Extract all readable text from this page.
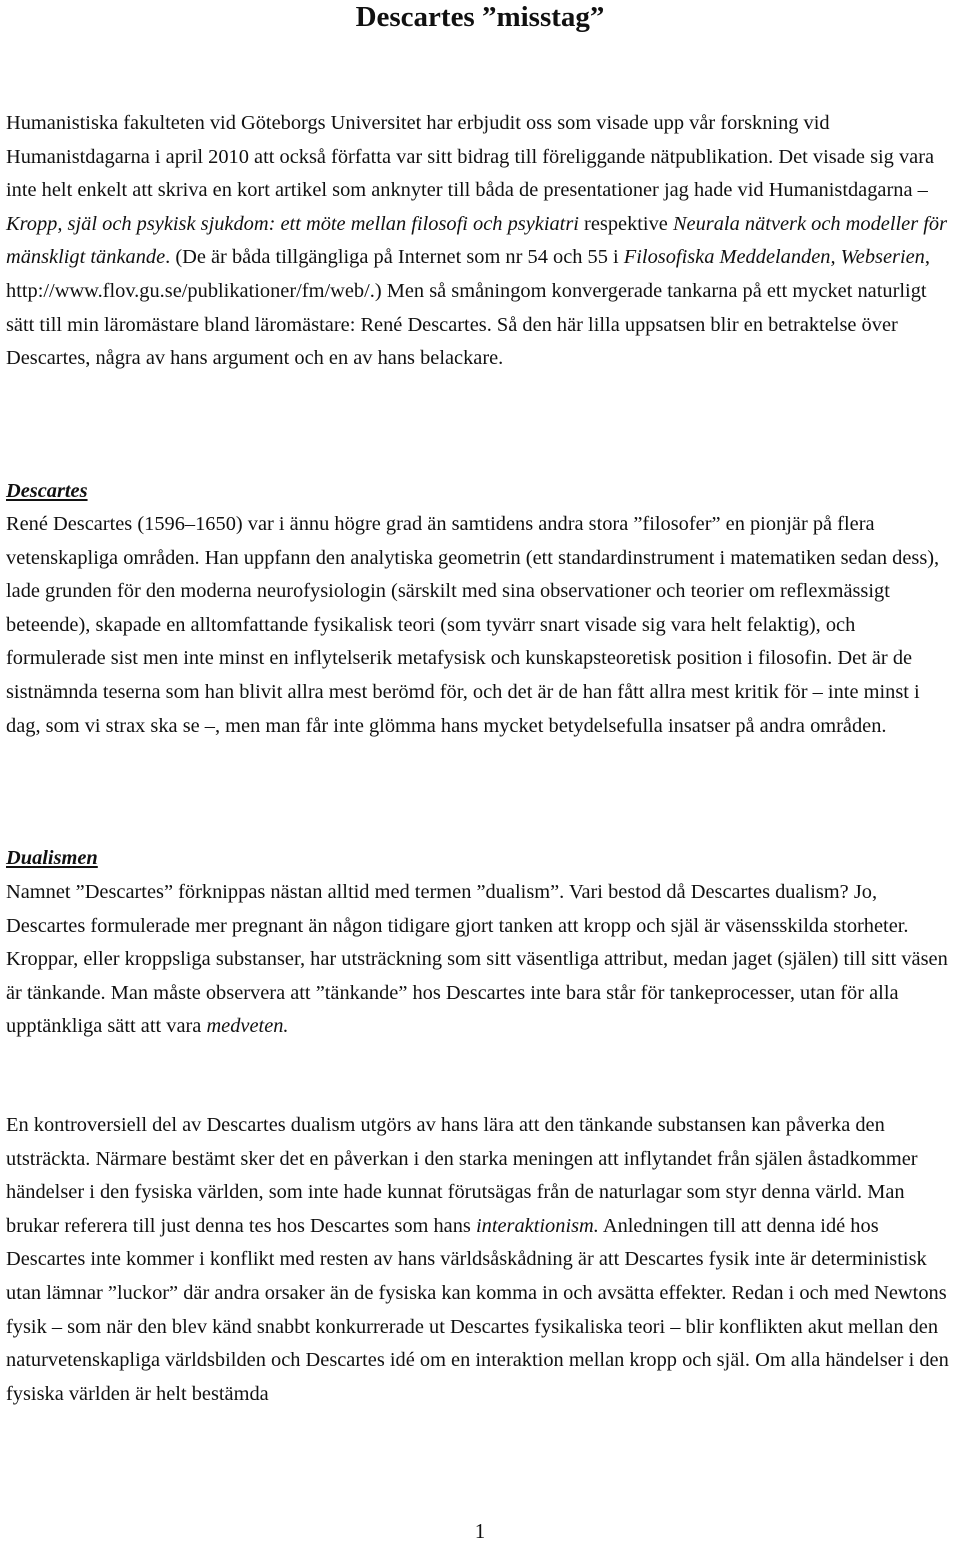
Descartes ”misstag”

Humanistiska fakulteten vid Göteborgs Universitet har erbjudit oss som visade upp vår forskning vid Humanistdagarna i april 2010 att också författa var sitt bidrag till föreliggande nätpublikation. Det visade sig vara inte helt enkelt att skriva en kort artikel som anknyter till båda de presentationer jag hade vid Humanistdagarna – Kropp, själ och psykisk sjukdom: ett möte mellan filosofi och psykiatri respektive Neurala nätverk och modeller för mänskligt tänkande. (De är båda tillgängliga på Internet som nr 54 och 55 i Filosofiska Meddelanden, Webserien, http://www.flov.gu.se/publikationer/fm/web/.) Men så småningom konvergerade tankarna på ett mycket naturligt sätt till min läromästare bland läromästare: René Descartes. Så den här lilla uppsatsen blir en betraktelse över Descartes, några av hans argument och en av hans belackare.

Descartes

René Descartes (1596–1650) var i ännu högre grad än samtidens andra stora ”filosofer” en pionjär på flera vetenskapliga områden. Han uppfann den analytiska geometrin (ett standardinstrument i matematiken sedan dess), lade grunden för den moderna neurofysiologin (särskilt med sina observationer och teorier om reflexmässigt beteende), skapade en alltomfattande fysikalisk teori (som tyvärr snart visade sig vara helt felaktig), och formulerade sist men inte minst en inflytelserik metafysisk och kunskapsteoretisk position i filosofin. Det är de sistnämnda teserna som han blivit allra mest berömd för, och det är de han fått allra mest kritik för – inte minst i dag, som vi strax ska se –, men man får inte glömma hans mycket betydelsefulla insatser på andra områden.

Dualismen

Namnet ”Descartes” förknippas nästan alltid med termen ”dualism”. Vari bestod då Descartes dualism? Jo, Descartes formulerade mer pregnant än någon tidigare gjort tanken att kropp och själ är väsensskilda storheter. Kroppar, eller kroppsliga substanser, har utsträckning som sitt väsentliga attribut, medan jaget (själen) till sitt väsen är tänkande. Man måste observera att ”tänkande” hos Descartes inte bara står för tankeprocesser, utan för alla upptänkliga sätt att vara medveten.

En kontroversiell del av Descartes dualism utgörs av hans lära att den tänkande substansen kan påverka den utsträckta. Närmare bestämt sker det en påverkan i den starka meningen att inflytandet från själen åstadkommer händelser i den fysiska världen, som inte hade kunnat förutsägas från de naturlagar som styr denna värld. Man brukar referera till just denna tes hos Descartes som hans interaktionism. Anledningen till att denna idé hos Descartes inte kommer i konflikt med resten av hans världsåskådning är att Descartes fysik inte är deterministisk utan lämnar ”luckor” där andra orsaker än de fysiska kan komma in och avsätta effekter. Redan i och med Newtons fysik – som när den blev känd snabbt konkurrerade ut Descartes fysikaliska teori – blir konflikten akut mellan den naturvetenskapliga världsbilden och Descartes idé om en interaktion mellan kropp och själ. Om alla händelser i den fysiska världen är helt bestämda

1
